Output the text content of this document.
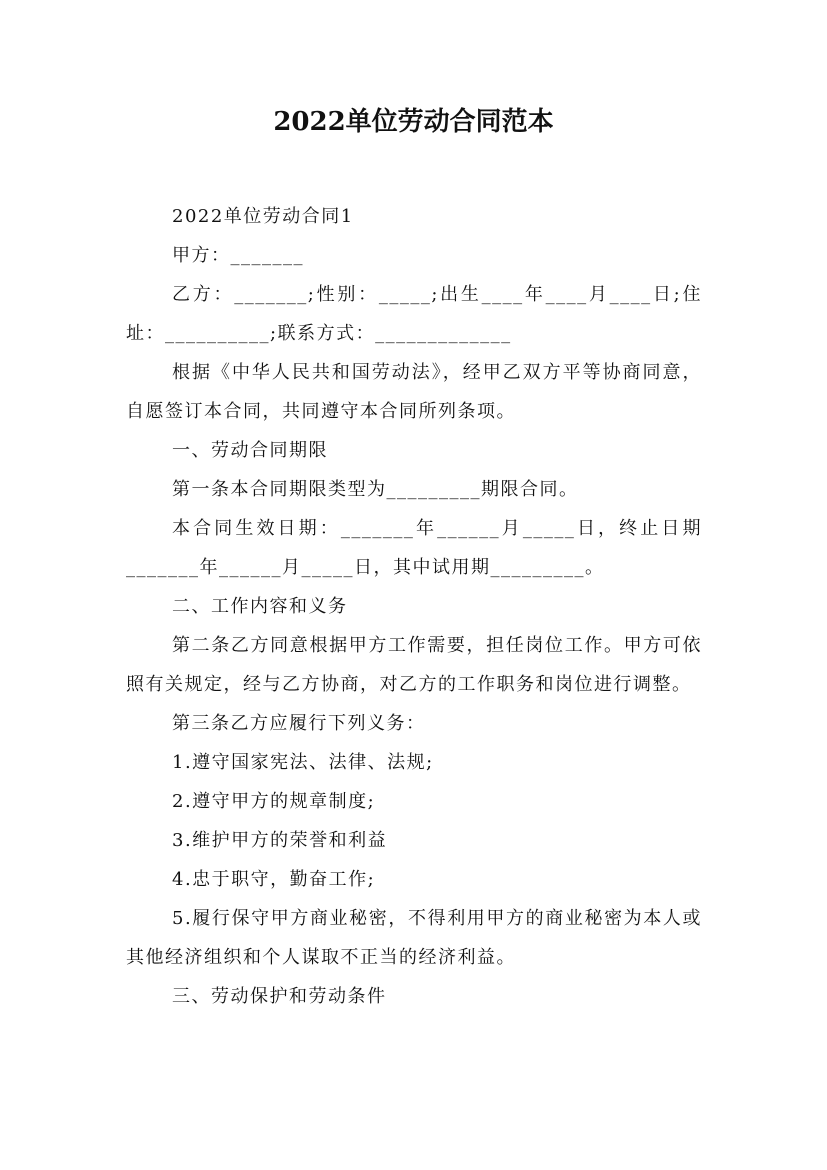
2022单位劳动合同范本

2022单位劳动合同1

甲方：_______

乙方：_______;性别：_____;出生____年____月____日;住址：__________;联系方式：_____________

根据《中华人民共和国劳动法》，经甲乙双方平等协商同意，自愿签订本合同，共同遵守本合同所列条项。

一、劳动合同期限

第一条本合同期限类型为_________期限合同。

本合同生效日期：_______年______月_____日，终止日期_______年______月_____日，其中试用期_________。

二、工作内容和义务

第二条乙方同意根据甲方工作需要，担任岗位工作。甲方可依照有关规定，经与乙方协商，对乙方的工作职务和岗位进行调整。

第三条乙方应履行下列义务：

1.遵守国家宪法、法律、法规;

2.遵守甲方的规章制度;

3.维护甲方的荣誉和利益

4.忠于职守，勤奋工作;

5.履行保守甲方商业秘密，不得利用甲方的商业秘密为本人或其他经济组织和个人谋取不正当的经济利益。

三、劳动保护和劳动条件
